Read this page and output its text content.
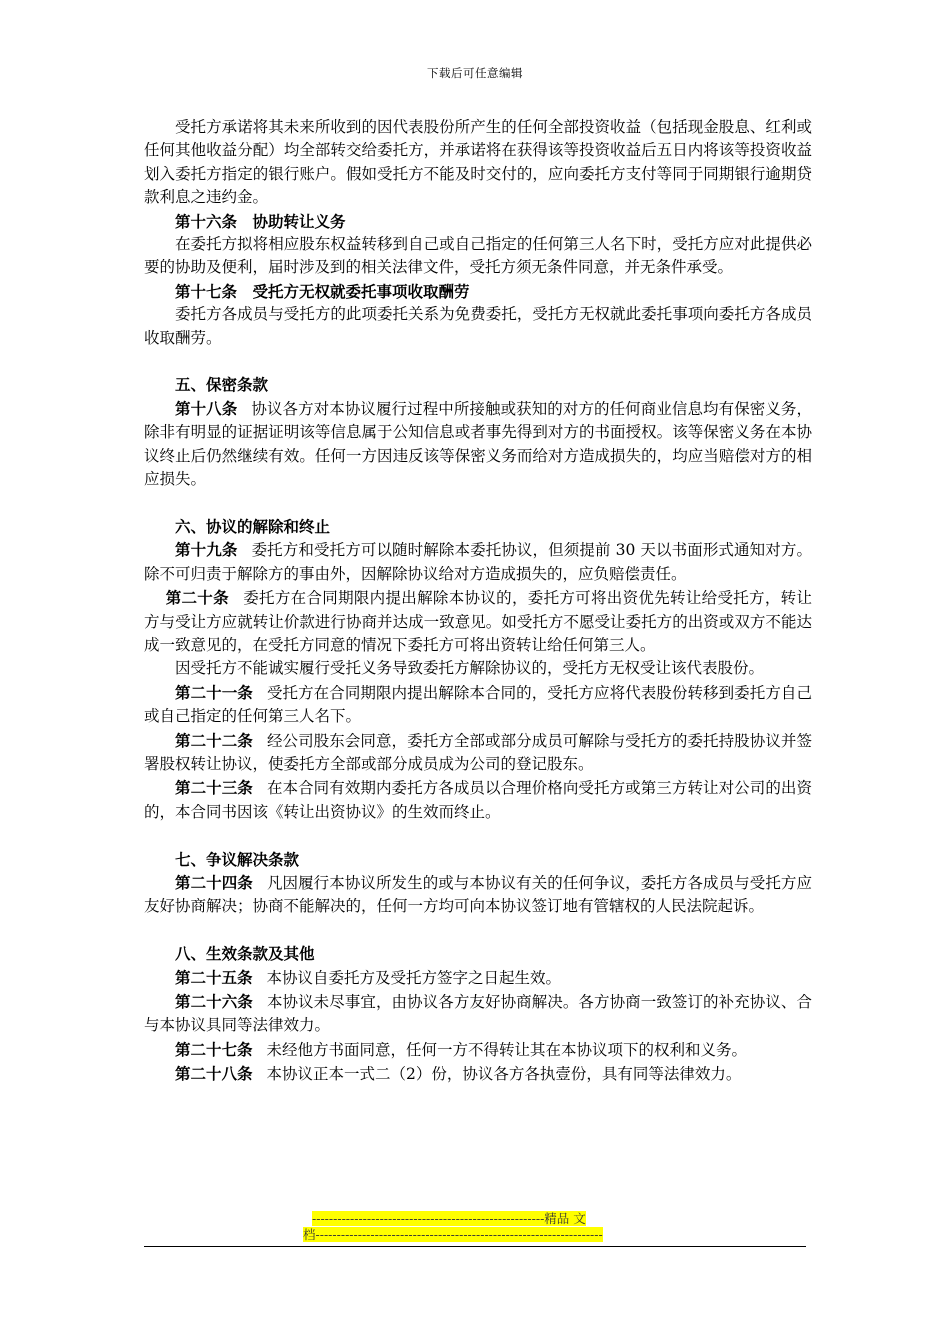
下载后可任意编辑

受托方承诺将其未来所收到的因代表股份所产生的任何全部投资收益（包括现金股息、红利或任何其他收益分配）均全部转交给委托方，并承诺将在获得该等投资收益后五日内将该等投资收益划入委托方指定的银行账户。假如受托方不能及时交付的，应向委托方支付等同于同期银行逾期贷款利息之违约金。

第十六条　协助转让义务

在委托方拟将相应股东权益转移到自己或自己指定的任何第三人名下时，受托方应对此提供必要的协助及便利，届时涉及到的相关法律文件，受托方须无条件同意，并无条件承受。

第十七条　受托方无权就委托事项收取酬劳

委托方各成员与受托方的此项委托关系为免费委托，受托方无权就此委托事项向委托方各成员收取酬劳。

五、保密条款

第十八条 协议各方对本协议履行过程中所接触或获知的对方的任何商业信息均有保密义务，除非有明显的证据证明该等信息属于公知信息或者事先得到对方的书面授权。该等保密义务在本协议终止后仍然继续有效。任何一方因违反该等保密义务而给对方造成损失的，均应当赔偿对方的相应损失。

六、协议的解除和终止

第十九条 委托方和受托方可以随时解除本委托协议，但须提前 30 天以书面形式通知对方。除不可归责于解除方的事由外，因解除协议给对方造成损失的，应负赔偿责任。

第二十条 委托方在合同期限内提出解除本协议的，委托方可将出资优先转让给受托方，转让方与受让方应就转让价款进行协商并达成一致意见。如受托方不愿受让委托方的出资或双方不能达成一致意见的，在受托方同意的情况下委托方可将出资转让给任何第三人。

因受托方不能诚实履行受托义务导致委托方解除协议的，受托方无权受让该代表股份。

第二十一条 受托方在合同期限内提出解除本合同的，受托方应将代表股份转移到委托方自己或自己指定的任何第三人名下。

第二十二条 经公司股东会同意，委托方全部或部分成员可解除与受托方的委托持股协议并签署股权转让协议，使委托方全部或部分成员成为公司的登记股东。

第二十三条 在本合同有效期内委托方各成员以合理价格向受托方或第三方转让对公司的出资的，本合同书因该《转让出资协议》的生效而终止。

七、争议解决条款

第二十四条 凡因履行本协议所发生的或与本协议有关的任何争议，委托方各成员与受托方应友好协商解决；协商不能解决的，任何一方均可向本协议签订地有管辖权的人民法院起诉。

八、生效条款及其他

第二十五条 本协议自委托方及受托方签字之日起生效。

第二十六条 本协议未尽事宜，由协议各方友好协商解决。各方协商一致签订的补充协议、合与本协议具同等法律效力。

第二十七条 未经他方书面同意，任何一方不得转让其在本协议项下的权利和义务。

第二十八条 本协议正本一式二（2）份，协议各方各执壹份，具有同等法律效力。

-------------------------------------------------------精品 文
档--------------------------------------------------------------------
